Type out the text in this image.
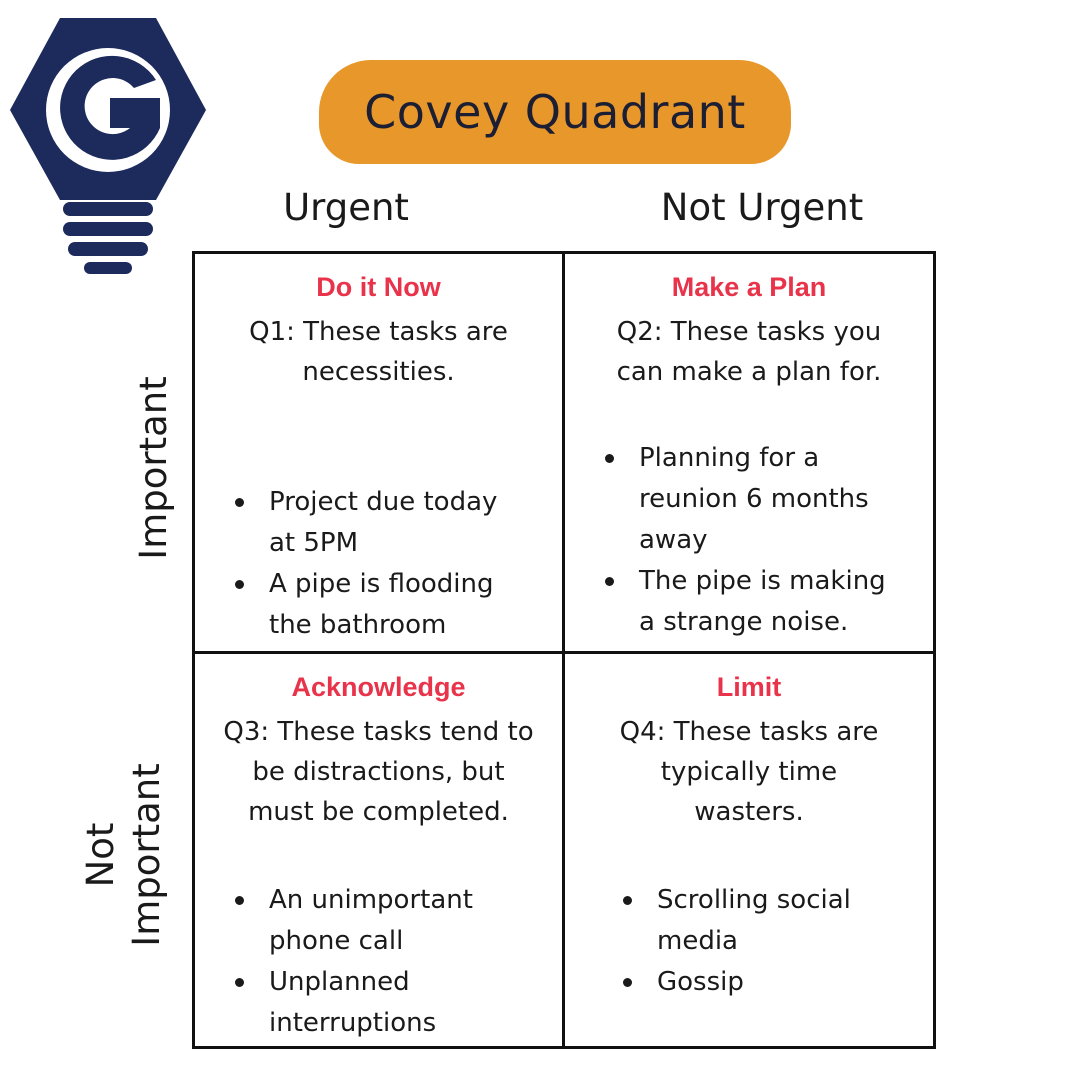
Covey Quadrant
Urgent	Not Urgent
Important
Not
Important

Do it Now

Q1: These tasks are
necessities.

Project due today
at 5PM
A pipe is flooding
the bathroom

Make a Plan

Q2: These tasks you
can make a plan for.

Planning for a
reunion 6 months
away
The pipe is making
a strange noise.

Acknowledge

Q3: These tasks tend to
be distractions, but
must be completed.

An unimportant
phone call
Unplanned
interruptions

Limit

Q4: These tasks are
typically time
wasters.

Scrolling social
media
Gossip
